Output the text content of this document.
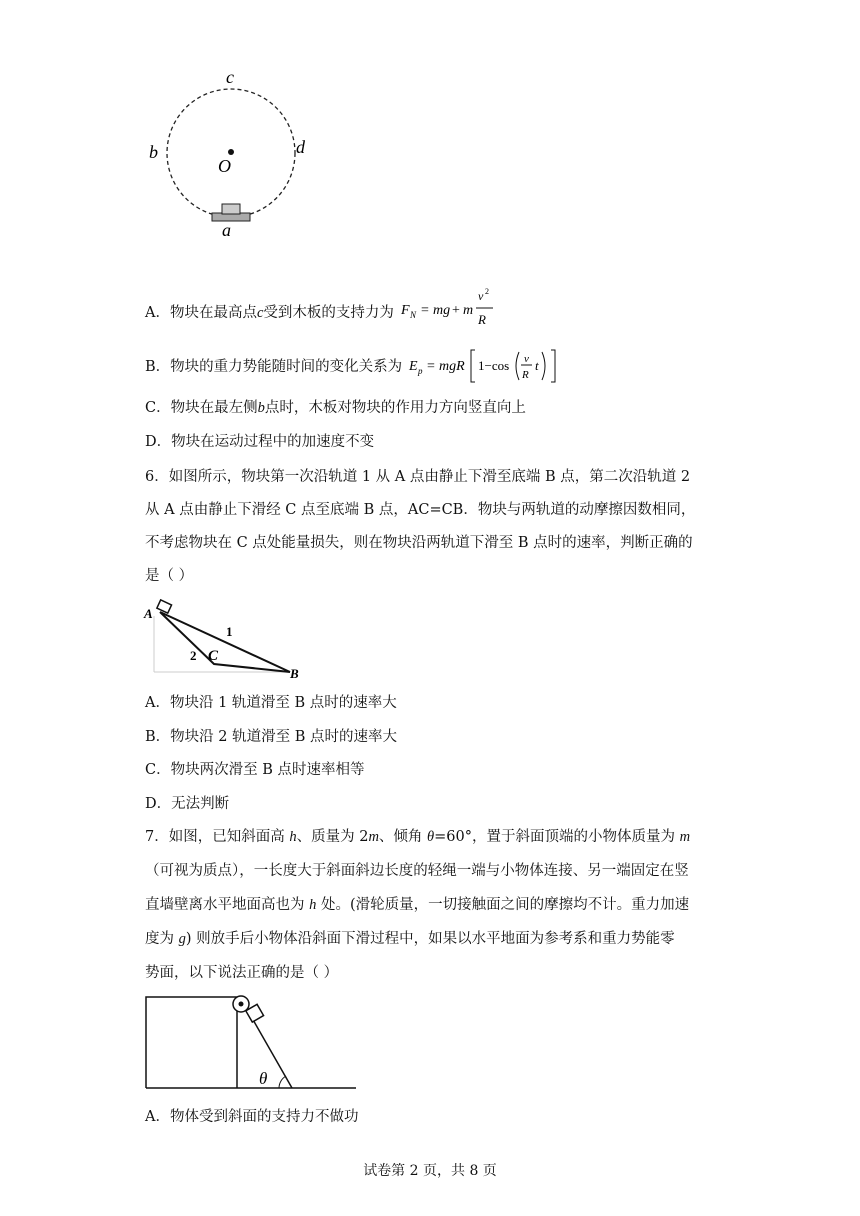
c
b	d
O
a
A．物块在最高点c受到木板的支持力为 F N = mg + m
v 2
R
B．物块的重力势能随时间的变化关系为 E p = mgR 1−cos v
R
t
C．物块在最左侧b点时，木板对物块的作用力方向竖直向上
D．物块在运动过程中的加速度不变
6．如图所示，物块第一次沿轨道 1 从 A 点由静止下滑至底端 B 点，第二次沿轨道 2
从 A 点由静止下滑经 C 点至底端 B 点，AC=CB．物块与两轨道的动摩擦因数相同，
不考虑物块在 C 点处能量损失，则在物块沿两轨道下滑至 B 点时的速率，判断正确的
是（ ）
A
1
2 C
B
A．物块沿 1 轨道滑至 B 点时的速率大
B．物块沿 2 轨道滑至 B 点时的速率大
C．物块两次滑至 B 点时速率相等
D．无法判断
7．如图，已知斜面高 h、质量为 2m、倾角 θ=60°，置于斜面顶端的小物体质量为 m
（可视为质点），一长度大于斜面斜边长度的轻绳一端与小物体连接、另一端固定在竖
直墙壁离水平地面高也为 h 处。(滑轮质量，一切接触面之间的摩擦均不计。重力加速
度为 g) 则放手后小物体沿斜面下滑过程中，如果以水平地面为参考系和重力势能零
势面，以下说法正确的是（ ）
θ
A．物体受到斜面的支持力不做功
试卷第 2 页，共 8 页
